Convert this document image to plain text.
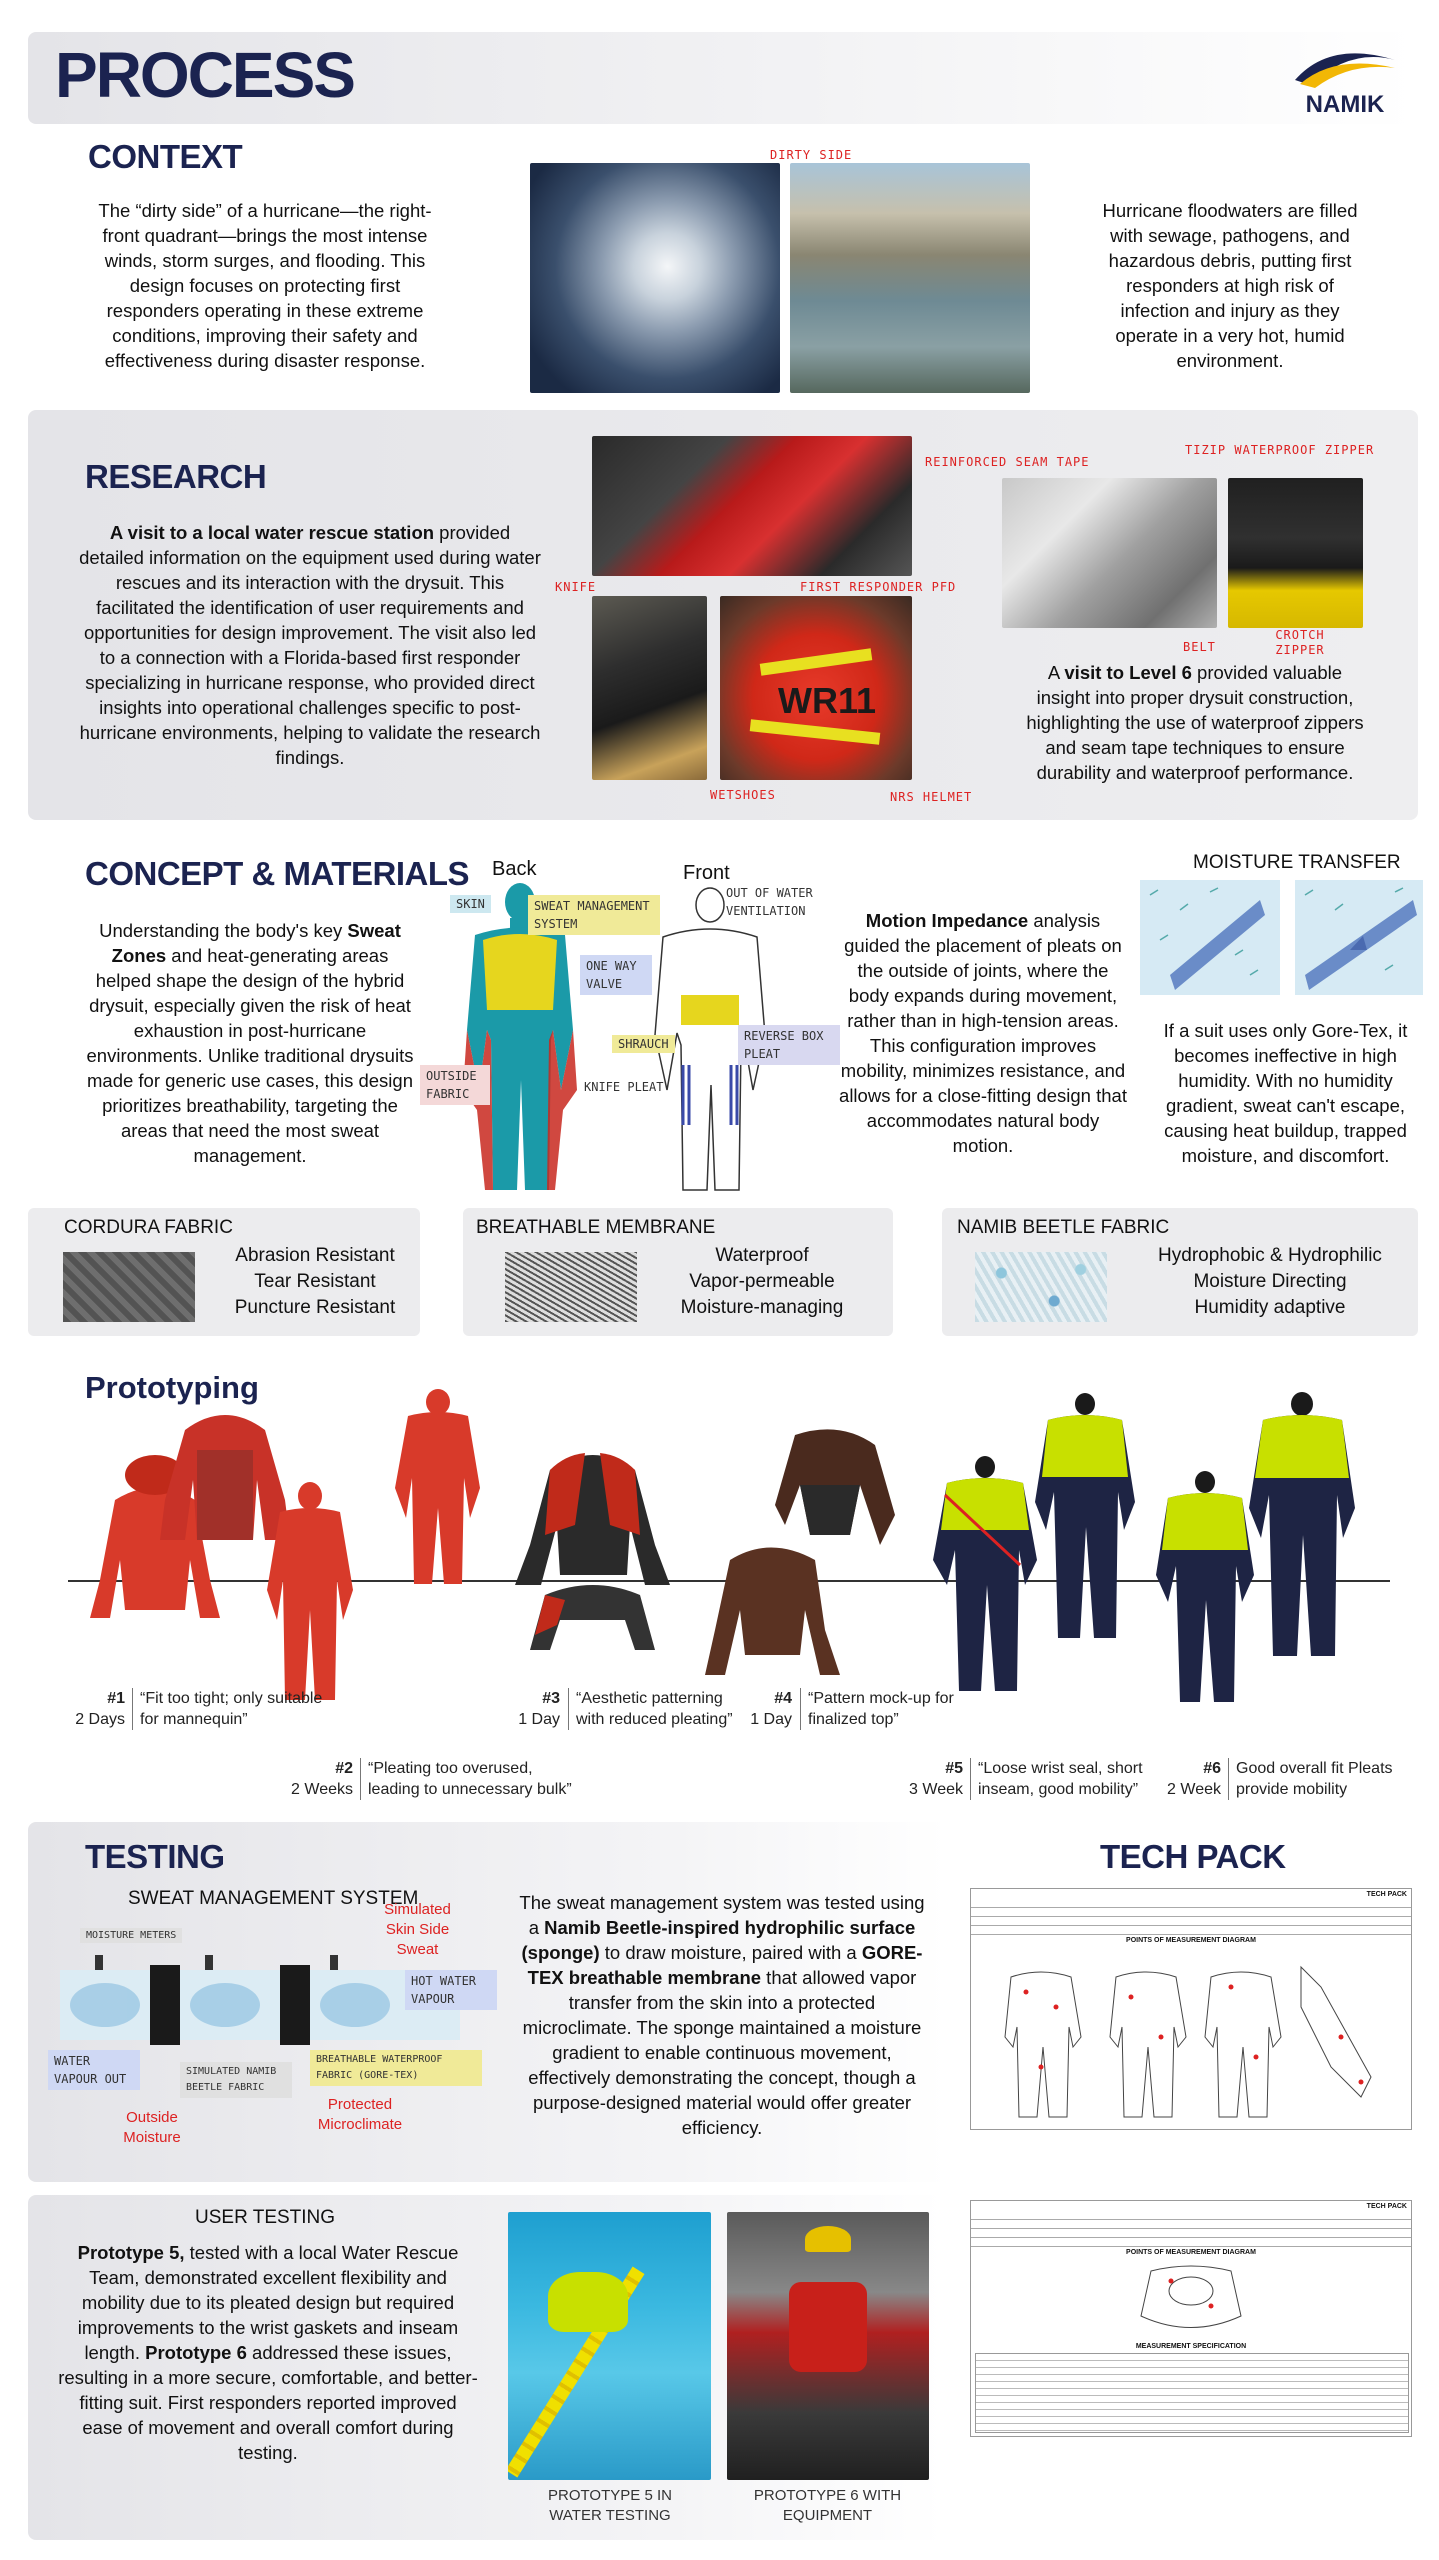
PROCESS	NAMIK
CONTEXT
The “dirty side” of a hurricane—the right-front quadrant—brings the most intense winds, storm surges, and flooding. This design focuses on protecting first responders operating in these extreme conditions, improving their safety and effectiveness during disaster response.
DIRTY SIDE
Hurricane floodwaters are filled with sewage, pathogens, and hazardous debris, putting first responders at high risk of infection and injury as they operate in a very hot, humid environment.
RESEARCH
A visit to a local water rescue station provided detailed information on the equipment used during water rescues and its interaction with the drysuit. This facilitated the identification of user requirements and opportunities for design improvement. The visit also led to a connection with a Florida-based first responder specializing in hurricane response, who provided direct insights into operational challenges specific to post-hurricane environments, helping to validate the research findings.
WR11
KNIFE	FIRST RESPONDER PFD
WETSHOES	NRS HELMET
REINFORCED SEAM TAPE
TIZIP WATERPROOF ZIPPER
BELT
CROTCH ZIPPER
A visit to Level 6 provided valuable insight into proper drysuit construction, highlighting the use of waterproof zippers and seam tape techniques to ensure durability and waterproof performance.
CONCEPT & MATERIALS
Understanding the body's key Sweat Zones and heat-generating areas helped shape the design of the hybrid drysuit, especially given the risk of heat exhaustion in post-hurricane environments. Unlike traditional drysuits made for generic use cases, this design prioritizes breathability, targeting the areas that need the most sweat management.
Back	Front
SKIN	SWEAT MANAGEMENT SYSTEM
ONE WAY VALVE
OUTSIDE FABRIC
OUT OF WATER VENTILATION
SHRAUCH
REVERSE BOX PLEAT
KNIFE PLEAT
Motion Impedance analysis guided the placement of pleats on the outside of joints, where the body expands during movement, rather than in high-tension areas. This configuration improves mobility, minimizes resistance, and allows for a close-fitting design that accommodates natural body motion.
MOISTURE TRANSFER
If a suit uses only Gore-Tex, it becomes ineffective in high humidity. With no humidity gradient, sweat can't escape, causing heat buildup, trapped moisture, and discomfort.
CORDURA FABRIC
Abrasion Resistant
Tear Resistant
Puncture Resistant
BREATHABLE MEMBRANE
Waterproof
Vapor-permeable
Moisture-managing
NAMIB BEETLE FABRIC
Hydrophobic & Hydrophilic
Moisture Directing
Humidity adaptive
Prototyping
#1
2 Days
“Fit too tight; only suitable for mannequin”
#2
2 Weeks
“Pleating too overused, leading to unnecessary bulk”
#3
1 Day
“Aesthetic patterning with reduced pleating”
#4
1 Day
“Pattern mock-up for finalized top”
#5
3 Week
“Loose wrist seal, short inseam, good mobility”
#6
2 Week
Good overall fit Pleats provide mobility
TESTING
SWEAT MANAGEMENT SYSTEM
Simulated Skin Side Sweat
MOISTURE METERS
HOT WATER VAPOUR
WATER VAPOUR OUT
SIMULATED NAMIB BEETLE FABRIC
BREATHABLE WATERPROOF FABRIC (GORE-TEX)
Outside Moisture
Protected Microclimate
The sweat management system was tested using a Namib Beetle-inspired hydrophilic surface (sponge) to draw moisture, paired with a GORE-TEX breathable membrane that allowed vapor transfer from the skin into a protected microclimate. The sponge maintained a moisture gradient to enable continuous movement, effectively demonstrating the concept, though a purpose-designed material would offer greater efficiency.
TECH PACK
TECH PACK
POINTS OF MEASUREMENT DIAGRAM
TECH PACK
POINTS OF MEASUREMENT DIAGRAM
MEASUREMENT SPECIFICATION
USER TESTING
Prototype 5, tested with a local Water Rescue Team, demonstrated excellent flexibility and mobility due to its pleated design but required improvements to the wrist gaskets and inseam length. Prototype 6 addressed these issues, resulting in a more secure, comfortable, and better-fitting suit. First responders reported improved ease of movement and overall comfort during testing.
PROTOTYPE 5 IN WATER TESTING
PROTOTYPE 6 WITH EQUIPMENT
